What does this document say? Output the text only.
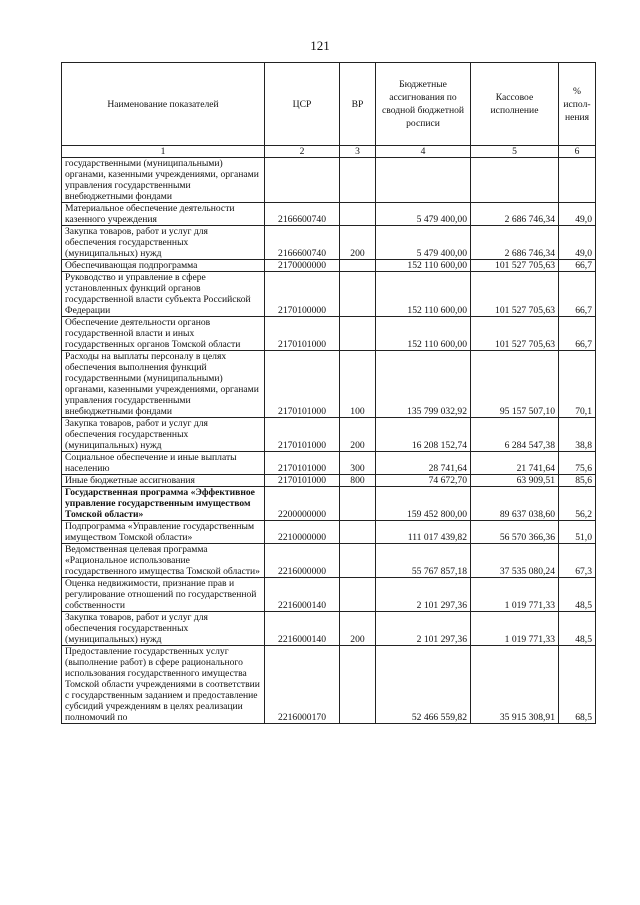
121
Наименование показателей	ЦСР	ВР	Бюджетные ассигнования по сводной бюджетной росписи	Кассовое исполнение	% испол-нения
1	2	3	4	5	6
государственными (муниципальными) органами, казенными учреждениями, органами управления государственными внебюджетными фондами					
Материальное обеспечение деятельности казенного учреждения	2166600740		5 479 400,00	2 686 746,34	49,0
Закупка товаров, работ и услуг для обеспечения государственных (муниципальных) нужд	2166600740	200	5 479 400,00	2 686 746,34	49,0
Обеспечивающая подпрограмма	2170000000		152 110 600,00	101 527 705,63	66,7
Руководство и управление в сфере установленных функций органов государственной власти субъекта Российской Федерации	2170100000		152 110 600,00	101 527 705,63	66,7
Обеспечение деятельности органов государственной власти и иных государственных органов Томской области	2170101000		152 110 600,00	101 527 705,63	66,7
Расходы на выплаты персоналу в целях обеспечения выполнения функций государственными (муниципальными) органами, казенными учреждениями, органами управления государственными внебюджетными фондами	2170101000	100	135 799 032,92	95 157 507,10	70,1
Закупка товаров, работ и услуг для обеспечения государственных (муниципальных) нужд	2170101000	200	16 208 152,74	6 284 547,38	38,8
Социальное обеспечение и иные выплаты населению	2170101000	300	28 741,64	21 741,64	75,6
Иные бюджетные ассигнования	2170101000	800	74 672,70	63 909,51	85,6
Государственная программа «Эффективное управление государственным имуществом Томской области»	2200000000		159 452 800,00	89 637 038,60	56,2
Подпрограмма «Управление государственным имуществом Томской области»	2210000000		111 017 439,82	56 570 366,36	51,0
Ведомственная целевая программа «Рациональное использование государственного имущества Томской области»	2216000000		55 767 857,18	37 535 080,24	67,3
Оценка недвижимости, признание прав и регулирование отношений по государственной собственности	2216000140		2 101 297,36	1 019 771,33	48,5
Закупка товаров, работ и услуг для обеспечения государственных (муниципальных) нужд	2216000140	200	2 101 297,36	1 019 771,33	48,5
Предоставление государственных услуг (выполнение работ) в сфере рационального использования государственного имущества Томской области учреждениями в соответствии с государственным заданием и предоставление субсидий учреждениям в целях реализации полномочий по	2216000170		52 466 559,82	35 915 308,91	68,5
